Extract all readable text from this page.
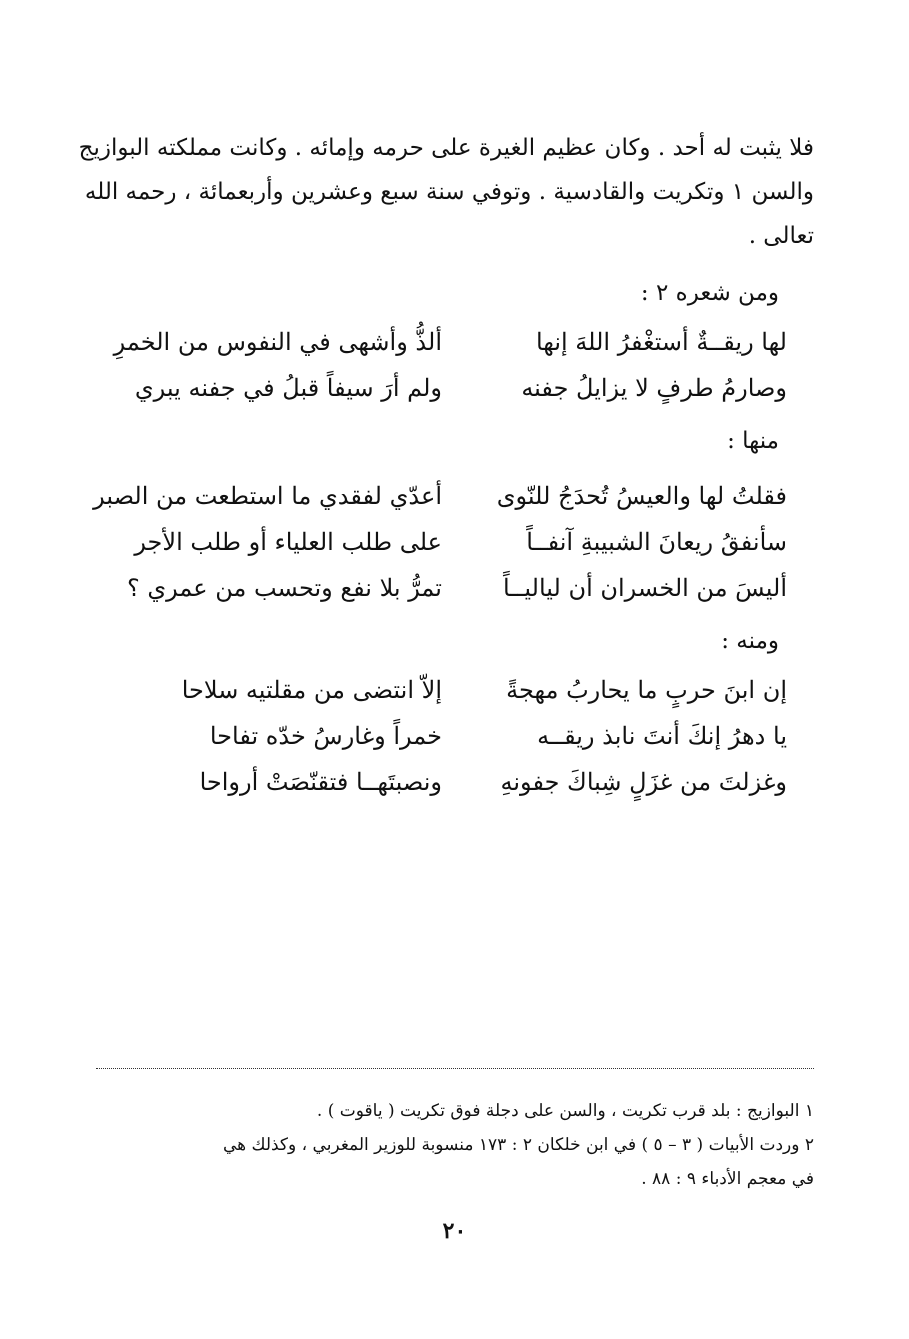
فلا يثبت له أحد . وكان عظيم الغيرة على حرمه وإمائه . وكانت مملكته البوازيج
والسن ١ وتكريت والقادسية . وتوفي سنة سبع وعشرين وأربعمائة ، رحمه الله
تعالى .
ومن شعره ٢ :
لها ريقــةٌ أستغْفرُ اللهَ إنها
ألذُّ وأشهى في النفوس من الخمرِ
وصارمُ طرفٍ لا يزايلُ جفنه
ولم أرَ سيفاً قبلُ في جفنه يبري
منها :
فقلتُ لها والعيسُ تُحدَجُ للنّوى
أعدّي لفقدي ما استطعت من الصبر
سأنفقُ ريعانَ الشبيبةِ آنفــاً
على طلب العلياء أو طلب الأجر
أليسَ من الخسران أن لياليــاً
تمرُّ بلا نفع وتحسب من عمري ؟
ومنه :
إن ابنَ حربٍ ما يحاربُ مهجةً
إلاّ انتضى من مقلتيه سلاحا
يا دهرُ إنكَ أنتَ نابذ ريقــه
خمراً وغارسُ خدّه تفاحا
وغزلتَ من غزَلٍ شِباكَ جفونهِ
ونصبتَهــا فتقنّصَتْ أرواحا
١ البوازيج : بلد قرب تكريت ، والسن على دجلة فوق تكريت ( ياقوت ) .
٢ وردت الأبيات ( ٣ – ٥ ) في ابن خلكان ٢ : ١٧٣ منسوبة للوزير المغربي ، وكذلك هي
في معجم الأدباء ٩ : ٨٨ .
٢٠
